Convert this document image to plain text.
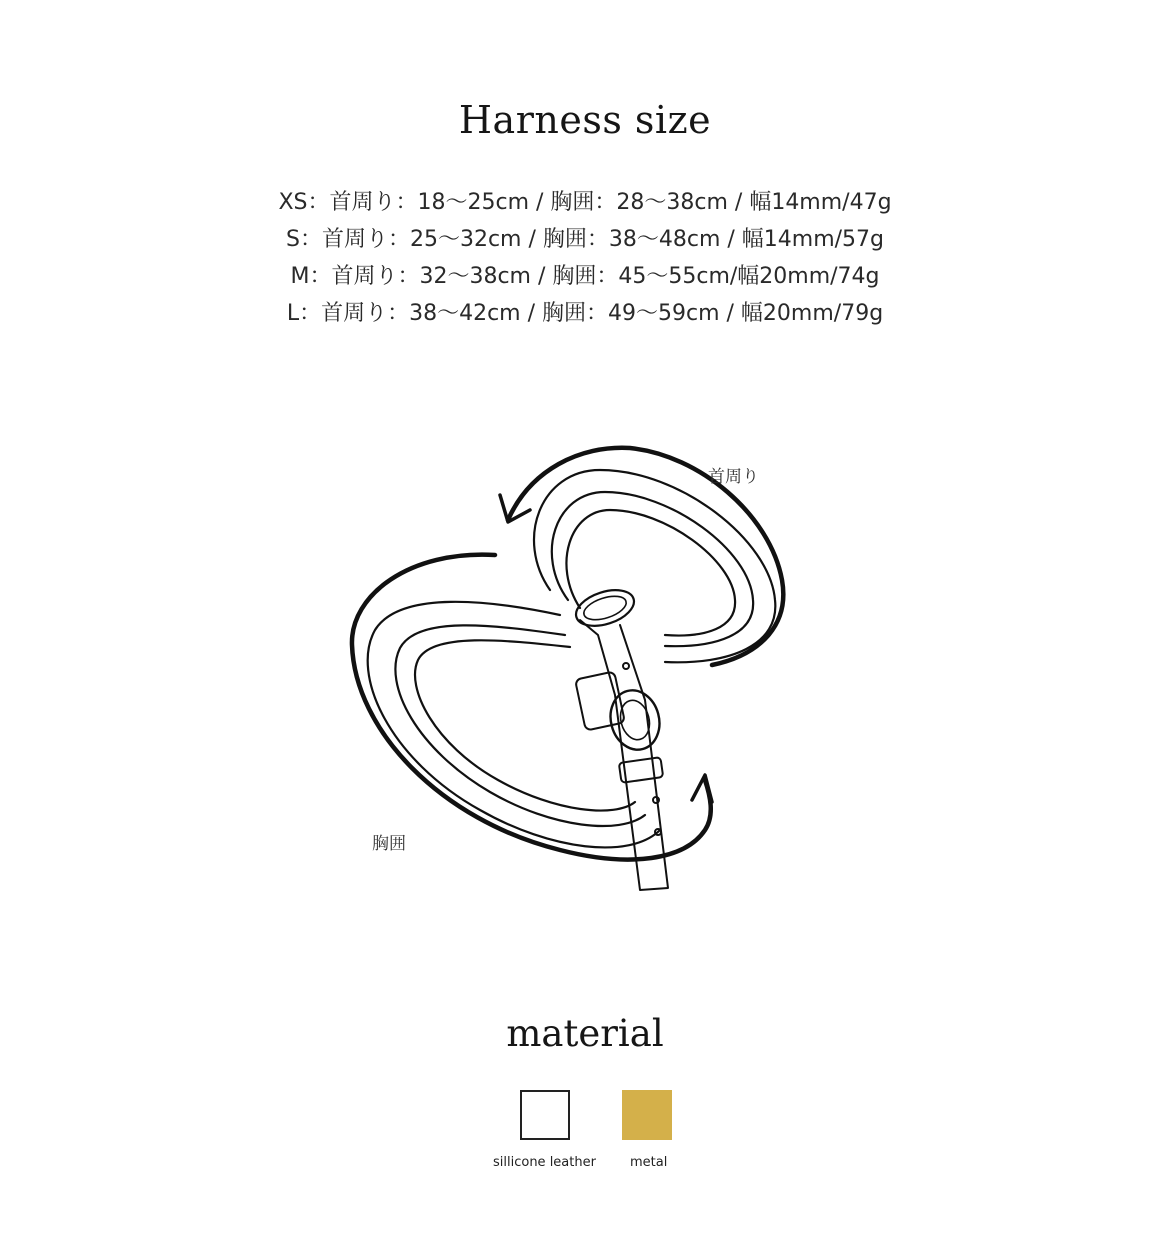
Harness size
XS：首周り：18〜25cm / 胸囲：28〜38cm / 幅14mm/47g
S：首周り：25〜32cm / 胸囲：38〜48cm / 幅14mm/57g
M：首周り：32〜38cm / 胸囲：45〜55cm/幅20mm/74g
L：首周り：38〜42cm / 胸囲：49〜59cm / 幅20mm/79g
首周り
胸囲
material
sillicone leather	metal
